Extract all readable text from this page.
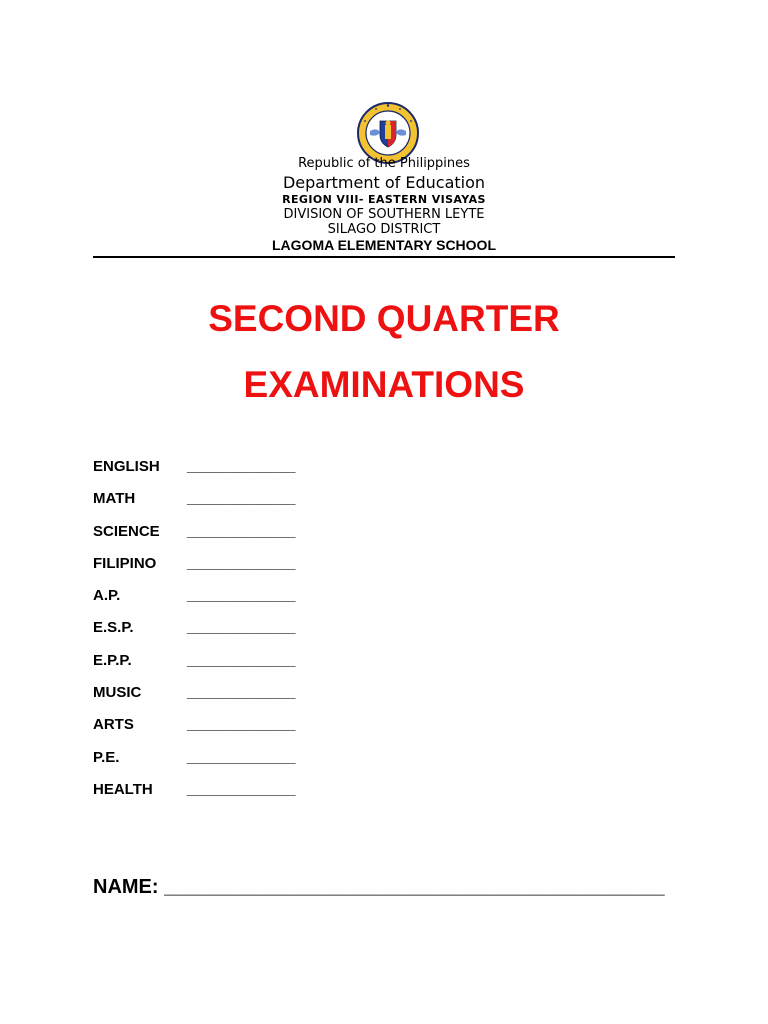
Republic of the Philippines
Department of Education
REGION VIII- EASTERN VISAYAS
DIVISION OF SOUTHERN LEYTE
SILAGO DISTRICT
LAGOMA ELEMENTARY SCHOOL
SECOND QUARTER
EXAMINATIONS
ENGLISH _____________
MATH	_____________
SCIENCE _____________
FILIPINO _____________
A.P.	_____________
E.S.P.	_____________
E.P.P.	_____________
MUSIC	_____________
ARTS	_____________
P.E.	_____________
HEALTH _____________
NAME: _____________________________________________
